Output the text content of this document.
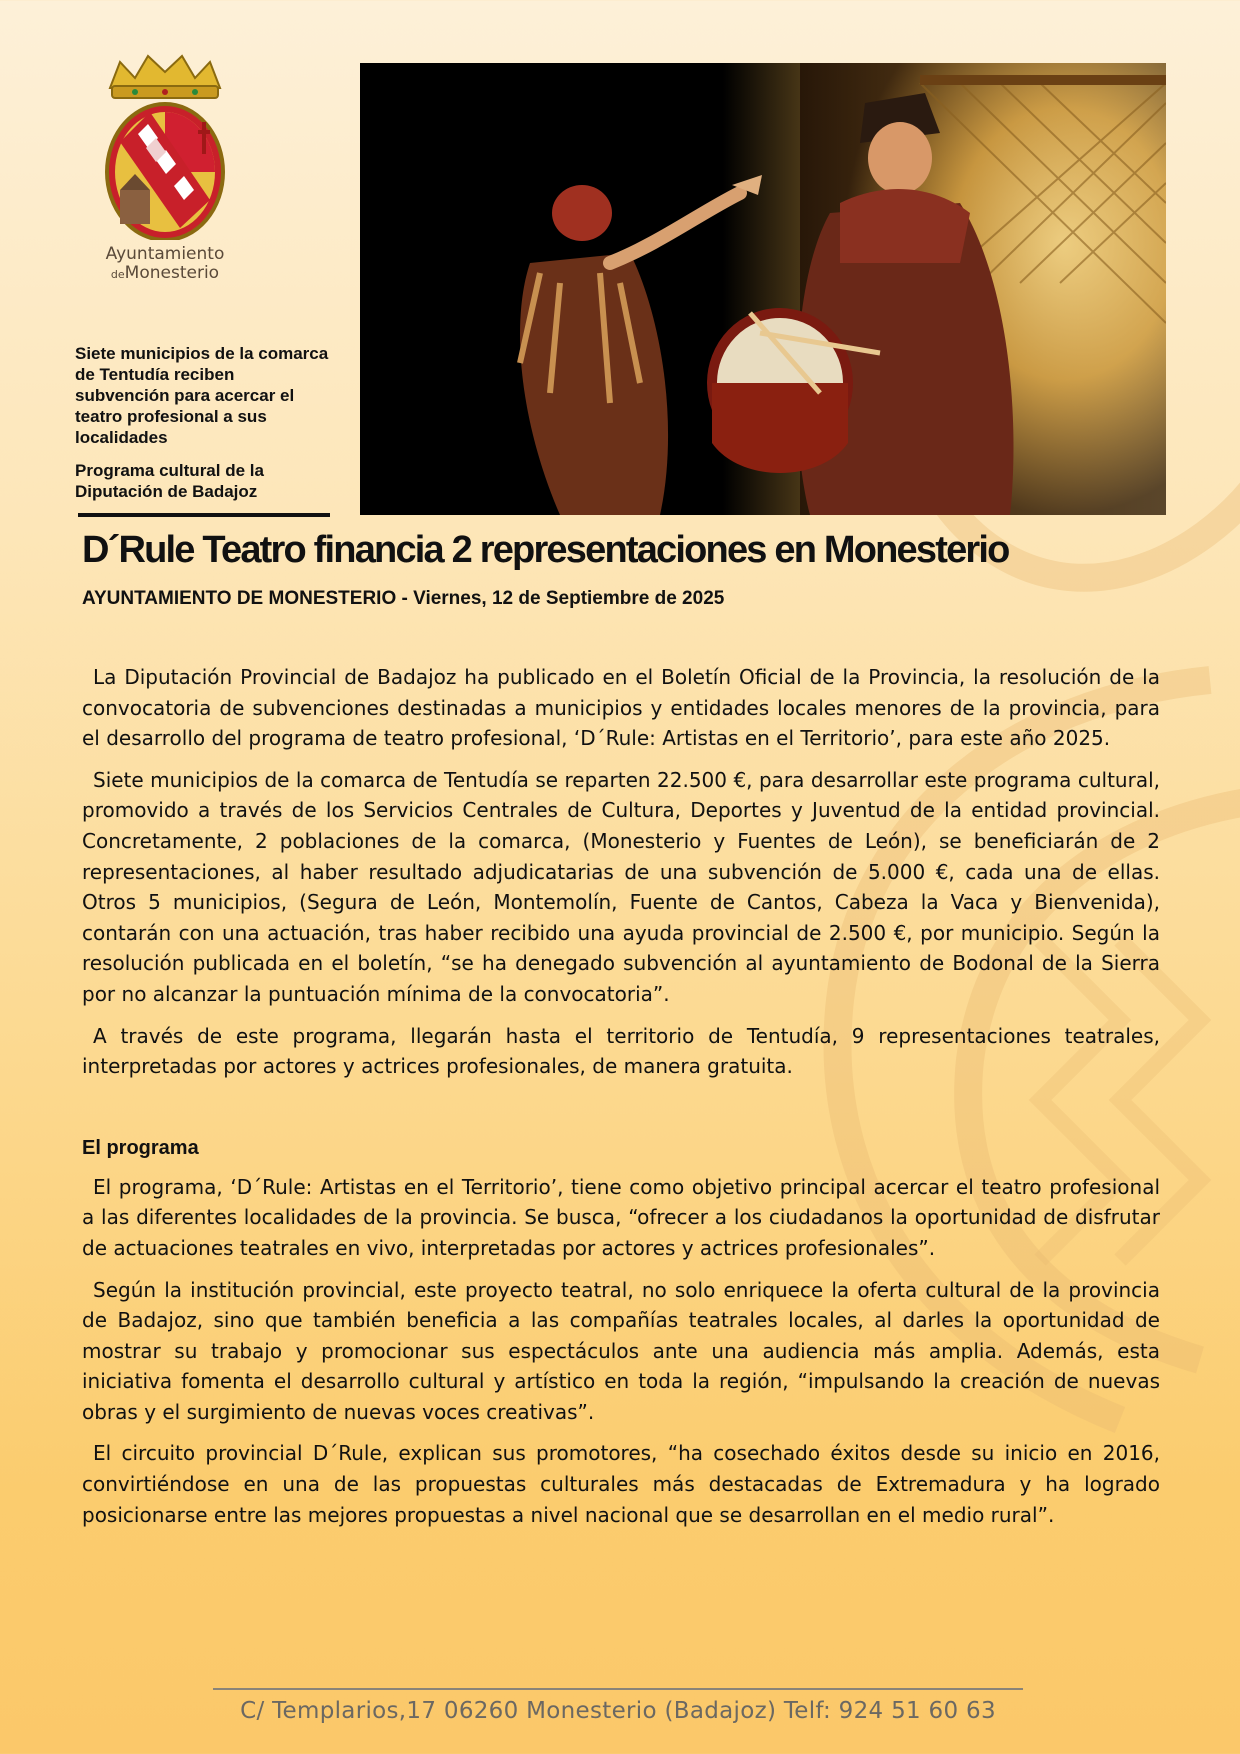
Ayuntamiento
deMonesterio

Siete municipios de la comarca de Tentudía reciben subvención para acercar el teatro profesional a sus localidades

Programa cultural de la Diputación de Badajoz

D´Rule Teatro financia 2 representaciones en Monesterio
AYUNTAMIENTO DE MONESTERIO - Viernes, 12 de Septiembre de 2025

La Diputación Provincial de Badajoz ha publicado en el Boletín Oficial de la Provincia, la resolución de la convocatoria de subvenciones destinadas a municipios y entidades locales menores de la provincia, para el desarrollo del programa de teatro profesional, ‘D´Rule: Artistas en el Territorio’, para este año 2025.

Siete municipios de la comarca de Tentudía se reparten 22.500 €, para desarrollar este programa cultural, promovido a través de los Servicios Centrales de Cultura, Deportes y Juventud de la entidad provincial. Concretamente, 2 poblaciones de la comarca, (Monesterio y Fuentes de León), se beneficiarán de 2 representaciones, al haber resultado adjudicatarias de una subvención de 5.000 €, cada una de ellas. Otros 5 municipios, (Segura de León, Montemolín, Fuente de Cantos, Cabeza la Vaca y Bienvenida), contarán con una actuación, tras haber recibido una ayuda provincial de 2.500 €, por municipio. Según la resolución publicada en el boletín, “se ha denegado subvención al ayuntamiento de Bodonal de la Sierra por no alcanzar la puntuación mínima de la convocatoria”.

A través de este programa, llegarán hasta el territorio de Tentudía, 9 representaciones teatrales, interpretadas por actores y actrices profesionales, de manera gratuita.

El programa

El programa, ‘D´Rule: Artistas en el Territorio’, tiene como objetivo principal acercar el teatro profesional a las diferentes localidades de la provincia. Se busca, “ofrecer a los ciudadanos la oportunidad de disfrutar de actuaciones teatrales en vivo, interpretadas por actores y actrices profesionales”.

Según la institución provincial, este proyecto teatral, no solo enriquece la oferta cultural de la provincia de Badajoz, sino que también beneficia a las compañías teatrales locales, al darles la oportunidad de mostrar su trabajo y promocionar sus espectáculos ante una audiencia más amplia. Además, esta iniciativa fomenta el desarrollo cultural y artístico en toda la región, “impulsando la creación de nuevas obras y el surgimiento de nuevas voces creativas”.

El circuito provincial D´Rule, explican sus promotores, “ha cosechado éxitos desde su inicio en 2016, convirtiéndose en una de las propuestas culturales más destacadas de Extremadura y ha logrado posicionarse entre las mejores propuestas a nivel nacional que se desarrollan en el medio rural”.

C/ Templarios,17 06260 Monesterio (Badajoz) Telf: 924 51 60 63
